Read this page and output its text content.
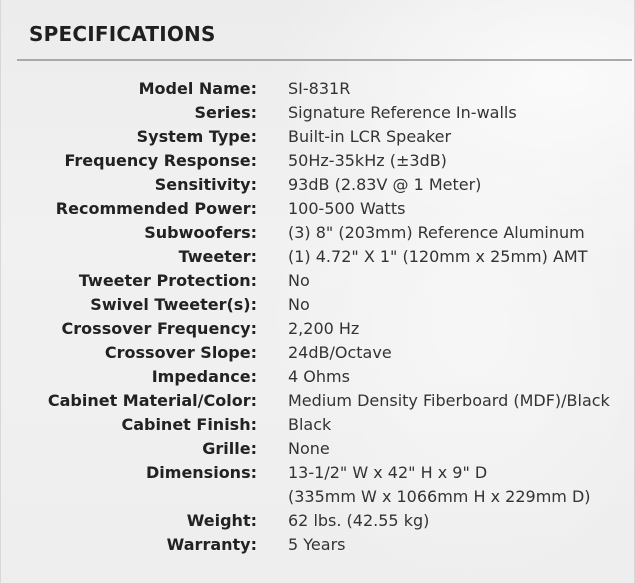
SPECIFICATIONS
Model Name: SI-831R
Series: Signature Reference In-walls
System Type: Built-in LCR Speaker
Frequency Response: 50Hz-35kHz (±3dB)
Sensitivity: 93dB (2.83V @ 1 Meter)
Recommended Power: 100-500 Watts
Subwoofers: (3) 8" (203mm) Reference Aluminum
Tweeter: (1) 4.72" X 1" (120mm x 25mm) AMT
Tweeter Protection: No
Swivel Tweeter(s): No
Crossover Frequency: 2,200 Hz
Crossover Slope: 24dB/Octave
Impedance: 4 Ohms
Cabinet Material/Color: Medium Density Fiberboard (MDF)/Black
Cabinet Finish: Black
Grille: None
Dimensions: 13-1/2" W x 42" H x 9" D
(335mm W x 1066mm H x 229mm D)
Weight: 62 lbs. (42.55 kg)
Warranty: 5 Years
